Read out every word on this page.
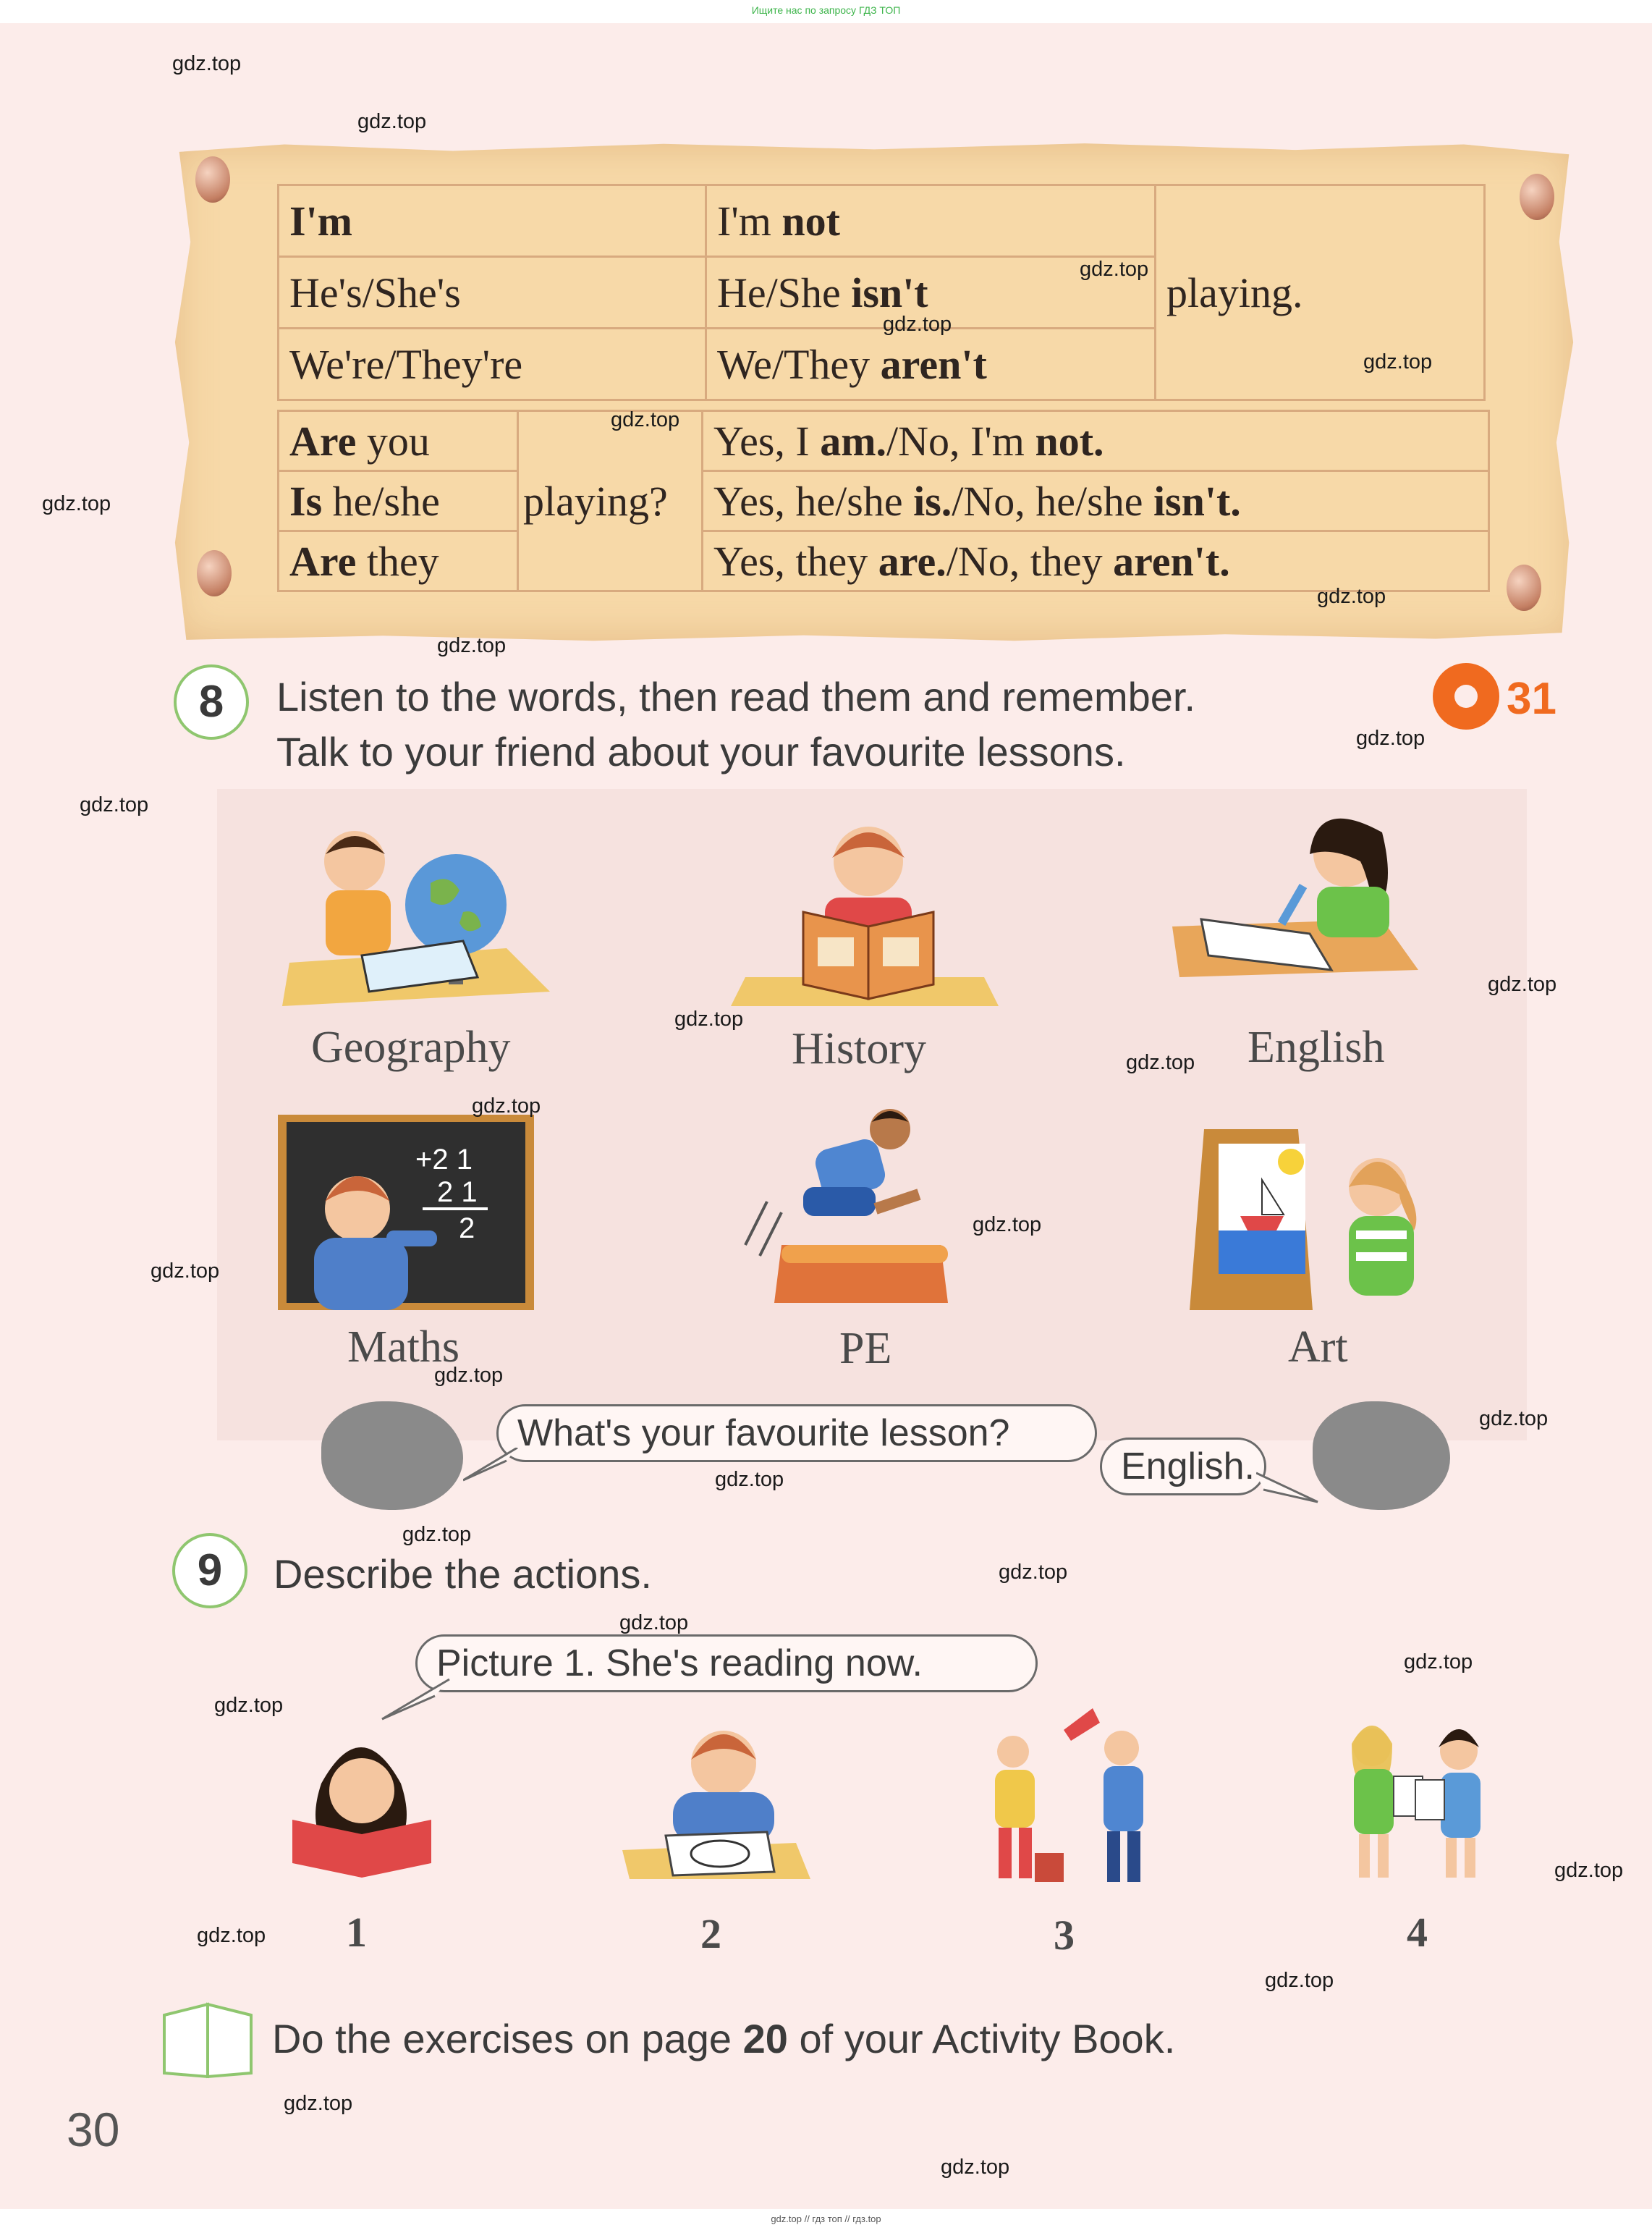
Ищите нас по запросу ГДЗ ТОП
I'm	I'm not	playing.
He's/She's	He/She isn't	
We're/They're	We/They aren't	
Are you	playing?	Yes, I am./No, I'm not.
Is he/she		Yes, he/she is./No, he/she isn't.
Are they		Yes, they are./No, they aren't.
8	Listen to the words, then read them and remember.
Talk to your friend about your favourite lessons.
31
Geography	History	English
+2 1
2 1
2
Maths	PE	Art
What's your favourite lesson?
English.
9	Describe the actions.
Picture 1. She's reading now.
1	2	3	4
Do the exercises on page 20 of your Activity Book.
30
gdz.top
gdz.top
gdz.top
gdz.top
gdz.top
gdz.top
gdz.top
gdz.top
gdz.top
gdz.top
gdz.top
gdz.top
gdz.top
gdz.top
gdz.top
gdz.top
gdz.top
gdz.top
gdz.top
gdz.top
gdz.top
gdz.top
gdz.top
gdz.top
gdz.top
gdz.top
gdz.top
gdz.top
gdz.top
gdz.top
gdz.top // гдз топ // гдз.top
